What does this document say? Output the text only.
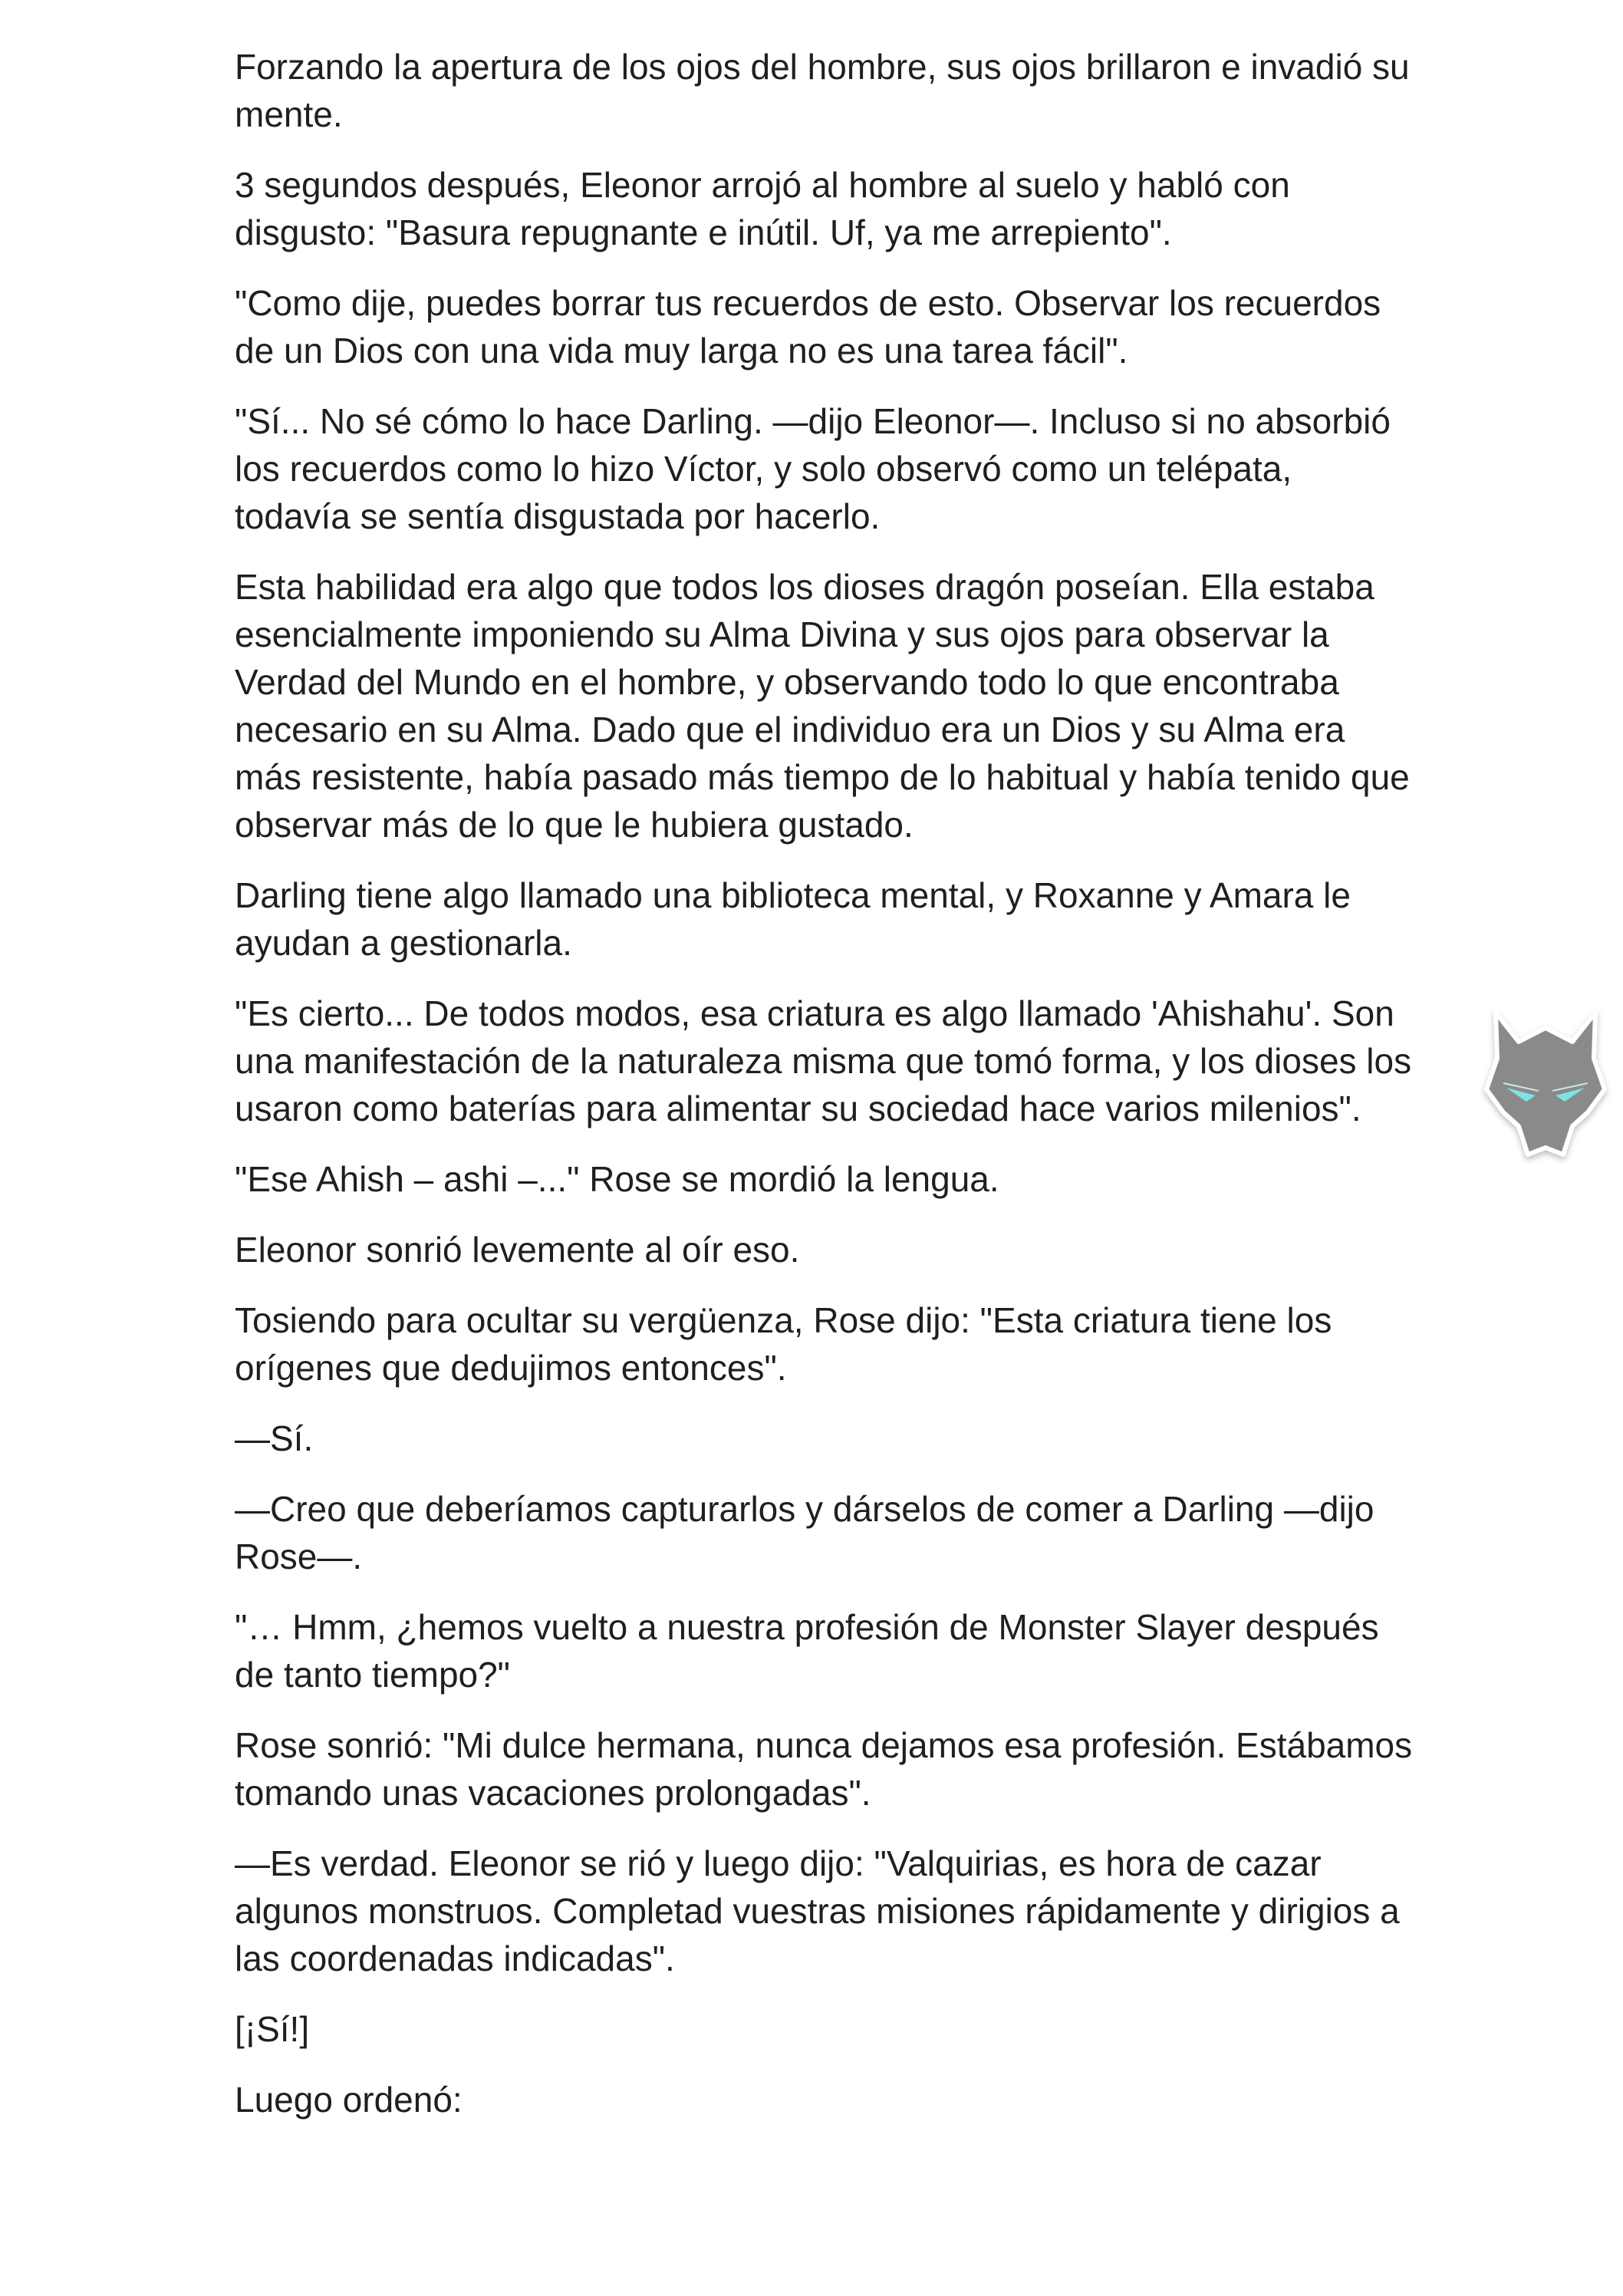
Forzando la apertura de los ojos del hombre, sus ojos brillaron e invadió su mente.

3 segundos después, Eleonor arrojó al hombre al suelo y habló con disgusto: "Basura repugnante e inútil. Uf, ya me arrepiento".

"Como dije, puedes borrar tus recuerdos de esto. Observar los recuerdos de un Dios con una vida muy larga no es una tarea fácil".

"Sí... No sé cómo lo hace Darling. —dijo Eleonor—. Incluso si no absorbió los recuerdos como lo hizo Víctor, y solo observó como un telépata, todavía se sentía disgustada por hacerlo.

Esta habilidad era algo que todos los dioses dragón poseían. Ella estaba esencialmente imponiendo su Alma Divina y sus ojos para observar la Verdad del Mundo en el hombre, y observando todo lo que encontraba necesario en su Alma. Dado que el individuo era un Dios y su Alma era más resistente, había pasado más tiempo de lo habitual y había tenido que observar más de lo que le hubiera gustado.

Darling tiene algo llamado una biblioteca mental, y Roxanne y Amara le ayudan a gestionarla.

"Es cierto... De todos modos, esa criatura es algo llamado 'Ahishahu'. Son una manifestación de la naturaleza misma que tomó forma, y los dioses los usaron como baterías para alimentar su sociedad hace varios milenios".

"Ese Ahish – ashi –..." Rose se mordió la lengua.

Eleonor sonrió levemente al oír eso.

Tosiendo para ocultar su vergüenza, Rose dijo: "Esta criatura tiene los orígenes que dedujimos entonces".

—Sí.

—Creo que deberíamos capturarlos y dárselos de comer a Darling —dijo Rose—.

"… Hmm, ¿hemos vuelto a nuestra profesión de Monster Slayer después de tanto tiempo?"

Rose sonrió: "Mi dulce hermana, nunca dejamos esa profesión. Estábamos tomando unas vacaciones prolongadas".

—Es verdad. Eleonor se rió y luego dijo: "Valquirias, es hora de cazar algunos monstruos. Completad vuestras misiones rápidamente y dirigios a las coordenadas indicadas".

[¡Sí!]

Luego ordenó:
